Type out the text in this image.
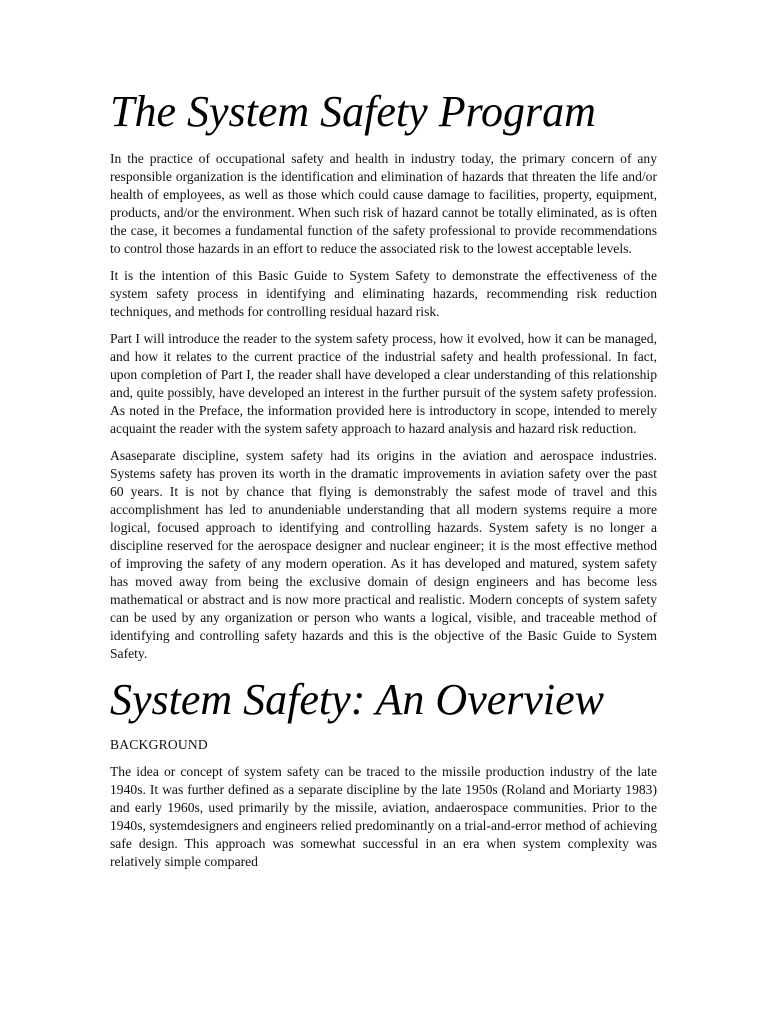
The System Safety Program

In the practice of occupational safety and health in industry today, the primary concern of any responsible organization is the identification and elimination of hazards that threaten the life and/or health of employees, as well as those which could cause damage to facilities, property, equipment, products, and/or the environment. When such risk of hazard cannot be totally eliminated, as is often the case, it becomes a fundamental function of the safety professional to provide recommendations to control those hazards in an effort to reduce the associated risk to the lowest acceptable levels.

It is the intention of this Basic Guide to System Safety to demonstrate the effectiveness of the system safety process in identifying and eliminating hazards, recommending risk reduction techniques, and methods for controlling residual hazard risk.

Part I will introduce the reader to the system safety process, how it evolved, how it can be managed, and how it relates to the current practice of the industrial safety and health professional. In fact, upon completion of Part I, the reader shall have developed a clear understanding of this relationship and, quite possibly, have developed an interest in the further pursuit of the system safety profession. As noted in the Preface, the information provided here is introductory in scope, intended to merely acquaint the reader with the system safety approach to hazard analysis and hazard risk reduction.

Asaseparate discipline, system safety had its origins in the aviation and aerospace industries. Systems safety has proven its worth in the dramatic improvements in aviation safety over the past 60 years. It is not by chance that flying is demonstrably the safest mode of travel and this accomplishment has led to anundeniable understanding that all modern systems require a more logical, focused approach to identifying and controlling hazards. System safety is no longer a discipline reserved for the aerospace designer and nuclear engineer; it is the most effective method of improving the safety of any modern operation. As it has developed and matured, system safety has moved away from being the exclusive domain of design engineers and has become less mathematical or abstract and is now more practical and realistic. Modern concepts of system safety can be used by any organization or person who wants a logical, visible, and traceable method of identifying and controlling safety hazards and this is the objective of the Basic Guide to System Safety.

System Safety: An Overview
BACKGROUND

The idea or concept of system safety can be traced to the missile production industry of the late 1940s. It was further defined as a separate discipline by the late 1950s (Roland and Moriarty 1983) and early 1960s, used primarily by the missile, aviation, andaerospace communities. Prior to the 1940s, systemdesigners and engineers relied predominantly on a trial-and-error method of achieving safe design. This approach was somewhat successful in an era when system complexity was relatively simple compared
